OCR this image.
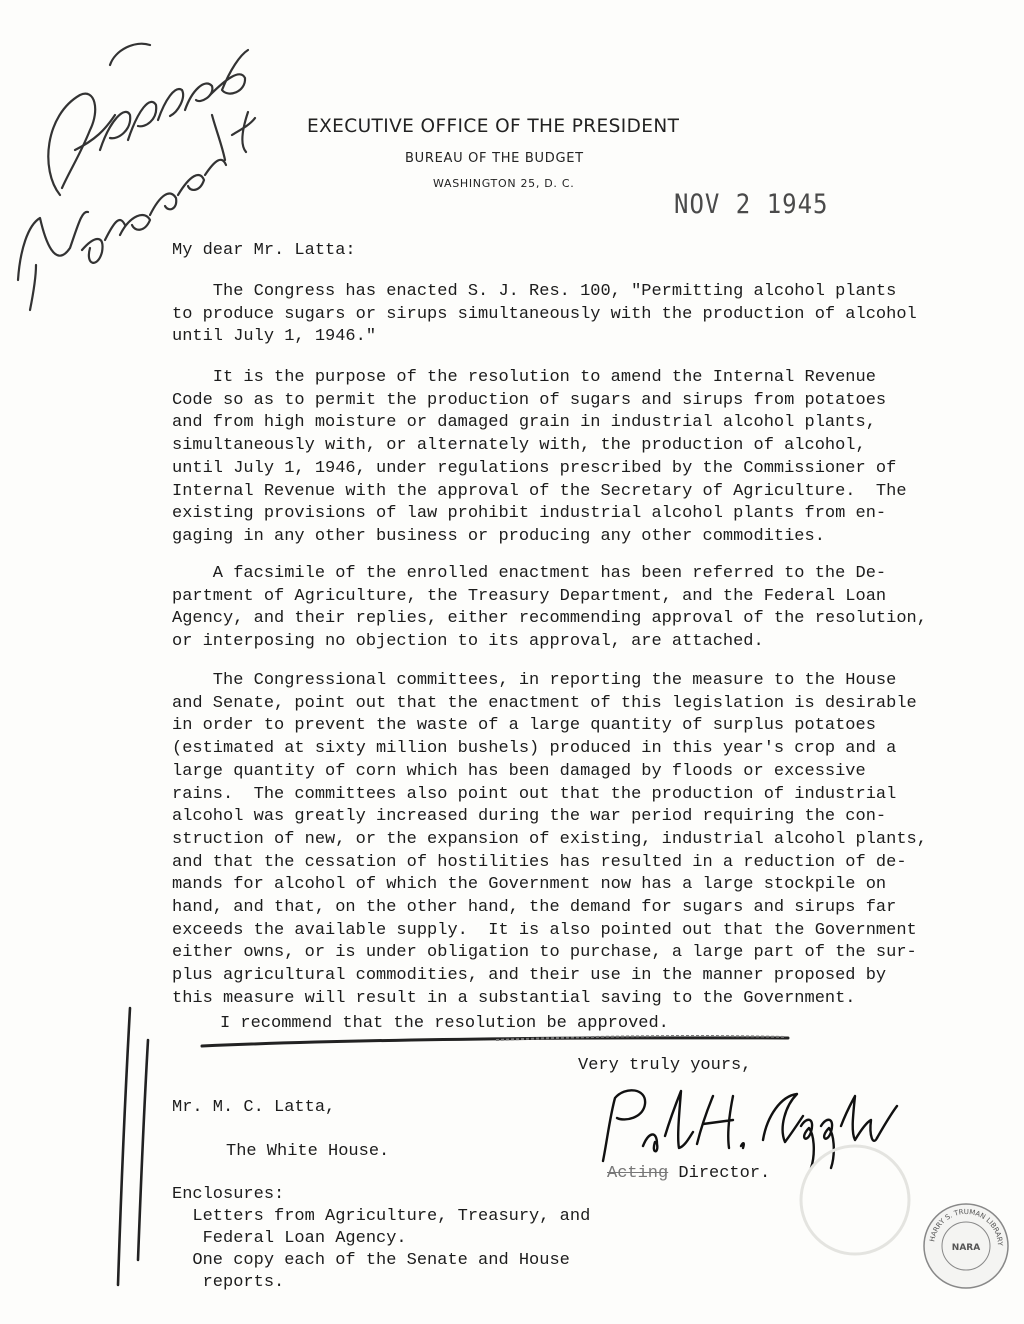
EXECUTIVE OFFICE OF THE PRESIDENT
BUREAU OF THE BUDGET
WASHINGTON 25, D. C.
NOV 2 1945
My dear Mr. Latta:
The Congress has enacted S. J. Res. 100, "Permitting alcohol plants
to produce sugars or sirups simultaneously with the production of alcohol
until July 1, 1946."
It is the purpose of the resolution to amend the Internal Revenue
Code so as to permit the production of sugars and sirups from potatoes
and from high moisture or damaged grain in industrial alcohol plants,
simultaneously with, or alternately with, the production of alcohol,
until July 1, 1946, under regulations prescribed by the Commissioner of
Internal Revenue with the approval of the Secretary of Agriculture.  The
existing provisions of law prohibit industrial alcohol plants from en-
gaging in any other business or producing any other commodities.
A facsimile of the enrolled enactment has been referred to the De-
partment of Agriculture, the Treasury Department, and the Federal Loan
Agency, and their replies, either recommending approval of the resolution,
or interposing no objection to its approval, are attached.
The Congressional committees, in reporting the measure to the House
and Senate, point out that the enactment of this legislation is desirable
in order to prevent the waste of a large quantity of surplus potatoes
(estimated at sixty million bushels) produced in this year's crop and a
large quantity of corn which has been damaged by floods or excessive
rains.  The committees also point out that the production of industrial
alcohol was greatly increased during the war period requiring the con-
struction of new, or the expansion of existing, industrial alcohol plants,
and that the cessation of hostilities has resulted in a reduction of de-
mands for alcohol of which the Government now has a large stockpile on
hand, and that, on the other hand, the demand for sugars and sirups far
exceeds the available supply.  It is also pointed out that the Government
either owns, or is under obligation to purchase, a large part of the sur-
plus agricultural commodities, and their use in the manner proposed by
this measure will result in a substantial saving to the Government.
I recommend that the resolution be approved.
Very truly yours,
Acting Director.
Mr. M. C. Latta,
The White House.
Enclosures:
Letters from Agriculture, Treasury, and
Federal Loan Agency.
One copy each of the Senate and House
reports.
HARRY S. TRUMAN LIBRARY
NARA
